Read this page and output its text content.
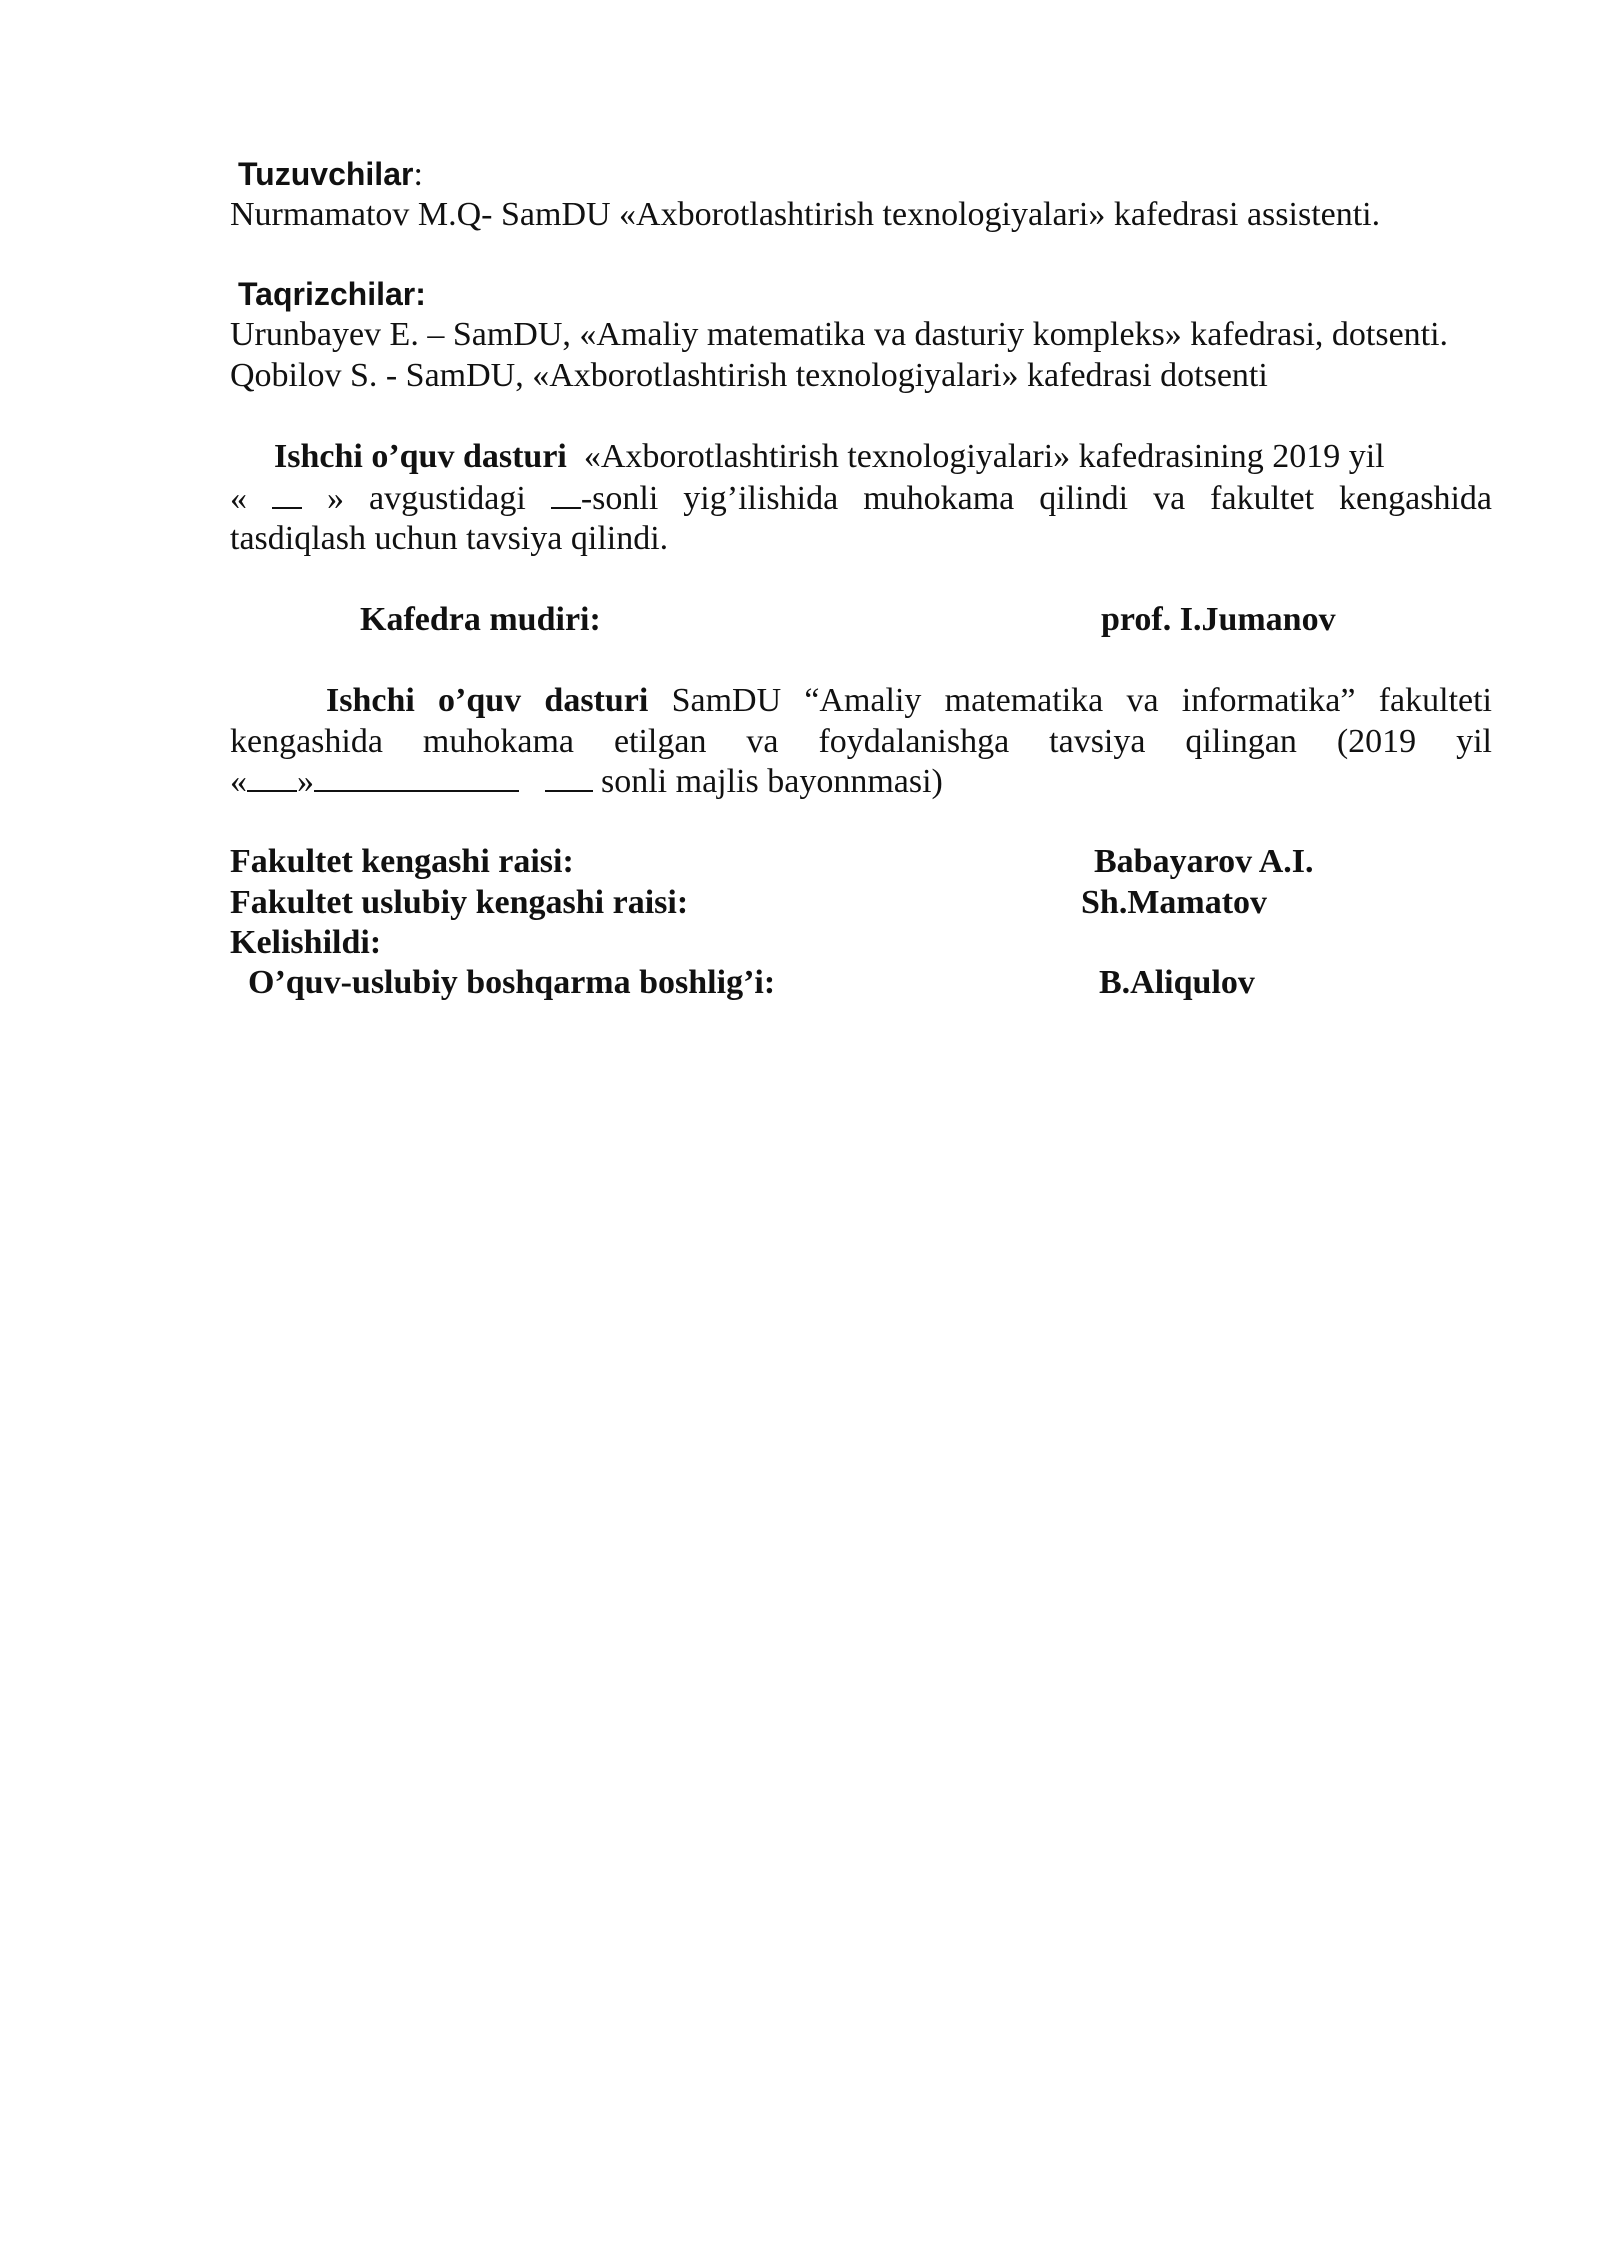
Tuzuvchilar:
Nurmamatov M.Q- SamDU «Axborotlashtirish texnologiyalari» kafedrasi assistenti.
Taqrizchilar:
Urunbayev E. – SamDU, «Amaliy matematika va dasturiy kompleks» kafedrasi, dotsenti.
Qobilov S. - SamDU, «Axborotlashtirish texnologiyalari» kafedrasi dotsenti
Ishchi o’quv dasturi «Axborotlashtirish texnologiyalari» kafedrasining 2019 yil
« » avgustidagi -sonli yig’ilishida muhokama qilindi va fakultet kengashida
tasdiqlash uchun tavsiya qilindi.
Kafedra mudiri:	prof. I.Jumanov
Ishchi o’quv dasturi SamDU “Amaliy matematika va informatika” fakulteti
kengashida muhokama etilgan va foydalanishga tavsiya qilingan (2019 yil
« »	sonli majlis bayonnmasi)
Fakultet kengashi raisi:	Babayarov A.I.
Fakultet uslubiy kengashi raisi:	Sh.Mamatov
Kelishildi:
O’quv-uslubiy boshqarma boshlig’i:	B.Aliqulov
